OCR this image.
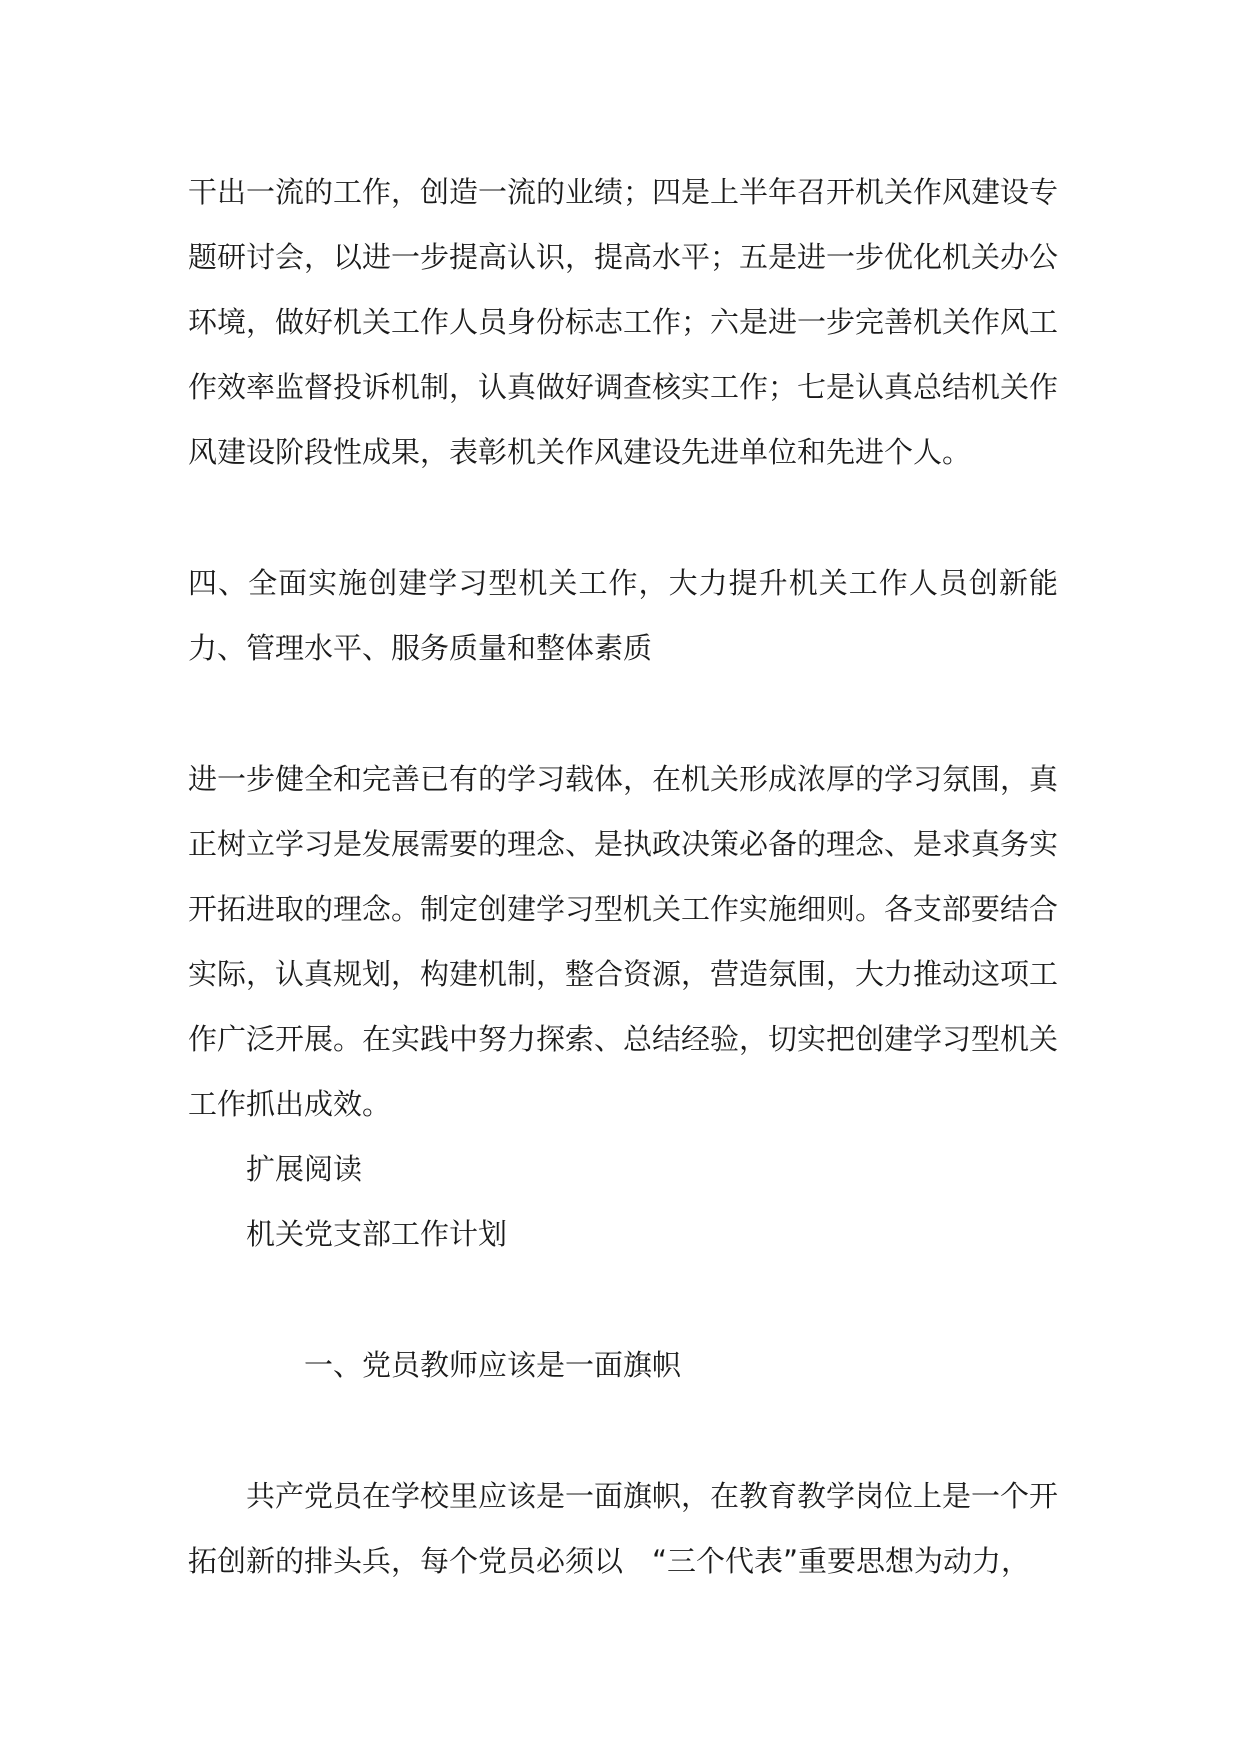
干出一流的工作，创造一流的业绩；四是上半年召开机关作风建设专题研讨会，以进一步提高认识，提高水平；五是进一步优化机关办公环境，做好机关工作人员身份标志工作；六是进一步完善机关作风工作效率监督投诉机制，认真做好调查核实工作；七是认真总结机关作风建设阶段性成果，表彰机关作风建设先进单位和先进个人。

四、全面实施创建学习型机关工作，大力提升机关工作人员创新能力、管理水平、服务质量和整体素质

进一步健全和完善已有的学习载体，在机关形成浓厚的学习氛围，真正树立学习是发展需要的理念、是执政决策必备的理念、是求真务实开拓进取的理念。制定创建学习型机关工作实施细则。各支部要结合实际，认真规划，构建机制，整合资源，营造氛围，大力推动这项工作广泛开展。在实践中努力探索、总结经验，切实把创建学习型机关工作抓出成效。

扩展阅读

机关党支部工作计划

一、党员教师应该是一面旗帜

共产党员在学校里应该是一面旗帜，在教育教学岗位上是一个开拓创新的排头兵，每个党员必须以　“三个代表”重要思想为动力，
